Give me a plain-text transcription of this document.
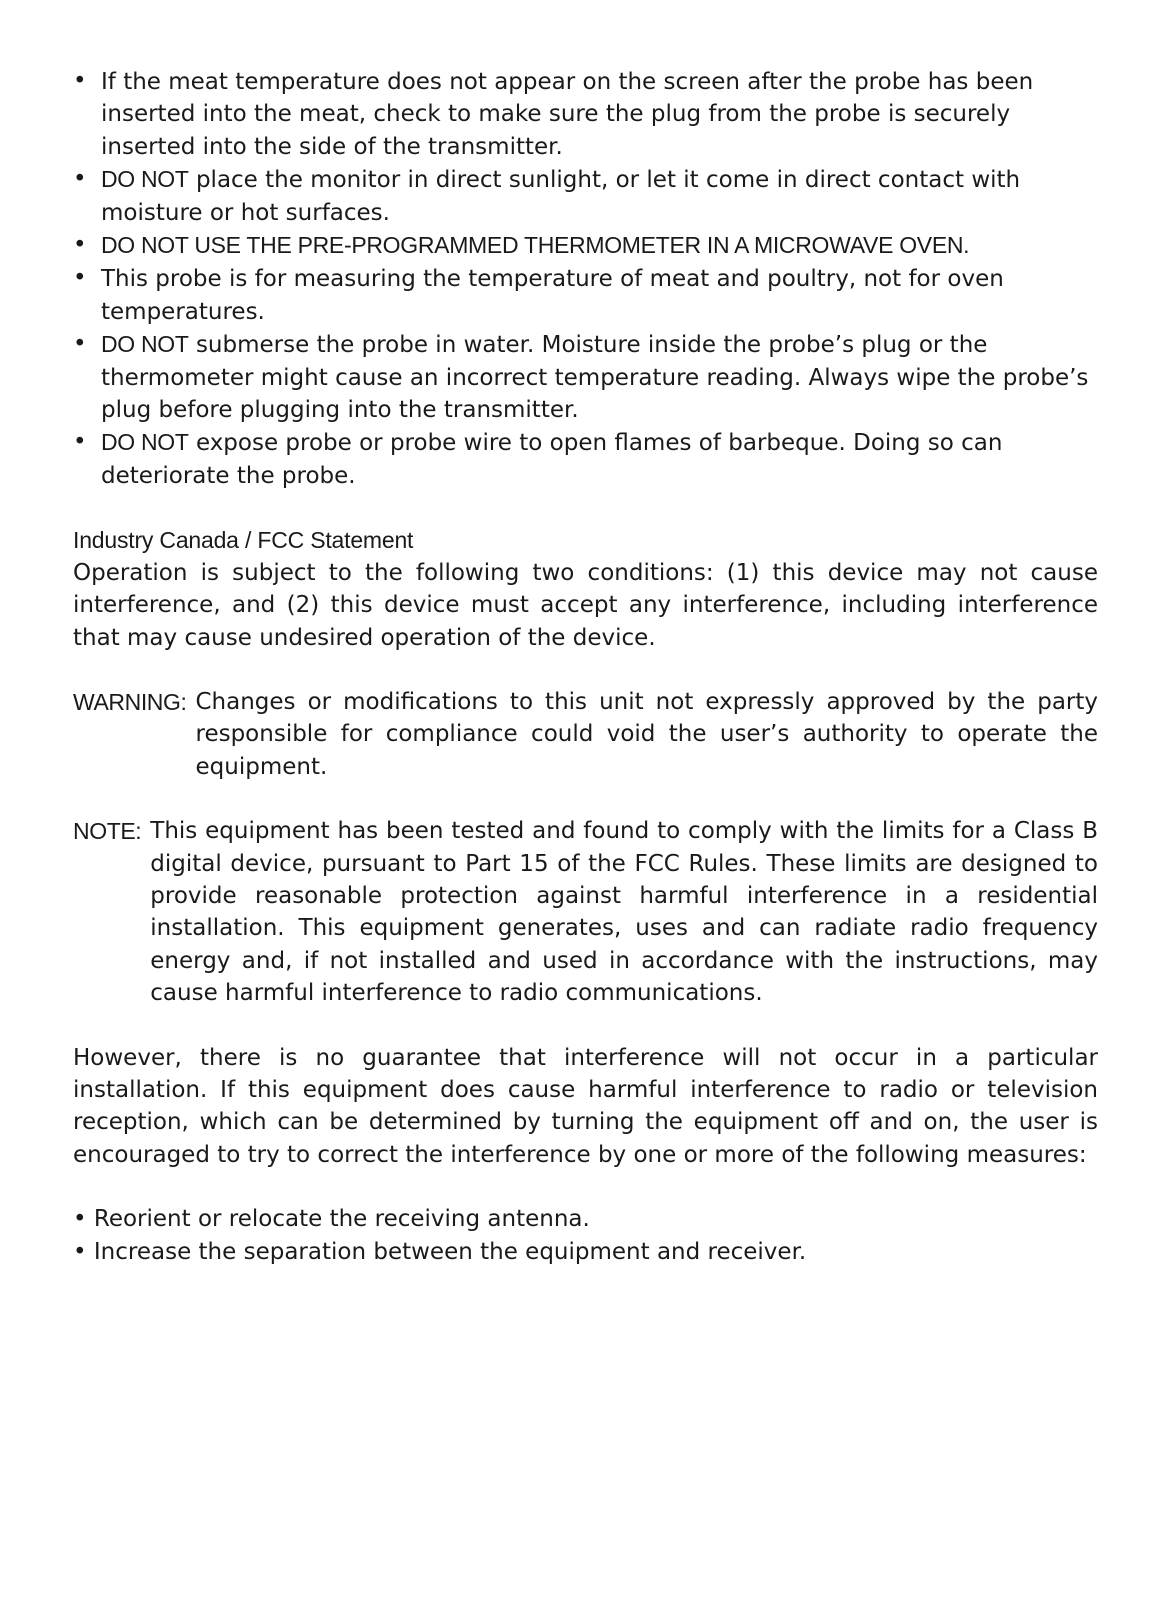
• If the meat temperature does not appear on the screen after the probe has been inserted into the meat, check to make sure the plug from the probe is securely inserted into the side of the transmitter.
• DO NOT place the monitor in direct sunlight, or let it come in direct contact with moisture or hot surfaces.
• DO NOT USE THE PRE-PROGRAMMED THERMOMETER IN A MICROWAVE OVEN.
• This probe is for measuring the temperature of meat and poultry, not for oven temperatures.
• DO NOT submerse the probe in water. Moisture inside the probe’s plug or the thermometer might cause an incorrect temperature reading. Always wipe the probe’s plug before plugging into the transmitter.
• DO NOT expose probe or probe wire to open flames of barbeque. Doing so can deteriorate the probe.
Industry Canada / FCC Statement
Operation is subject to the following two conditions: (1) this device may not cause interference, and (2) this device must accept any interference, including interference that may cause undesired operation of the device.
WARNING: Changes or modifications to this unit not expressly approved by the party responsible for compliance could void the user’s authority to operate the equipment.
NOTE: This equipment has been tested and found to comply with the limits for a Class B digital device, pursuant to Part 15 of the FCC Rules. These limits are designed to provide reasonable protection against harmful interference in a residential installation. This equipment generates, uses and can radiate radio frequency energy and, if not installed and used in accordance with the instructions, may cause harmful interference to radio communications.
However, there is no guarantee that interference will not occur in a particular installation. If this equipment does cause harmful interference to radio or television reception, which can be determined by turning the equipment off and on, the user is encouraged to try to correct the interference by one or more of the following measures:
• Reorient or relocate the receiving antenna.
• Increase the separation between the equipment and receiver.
